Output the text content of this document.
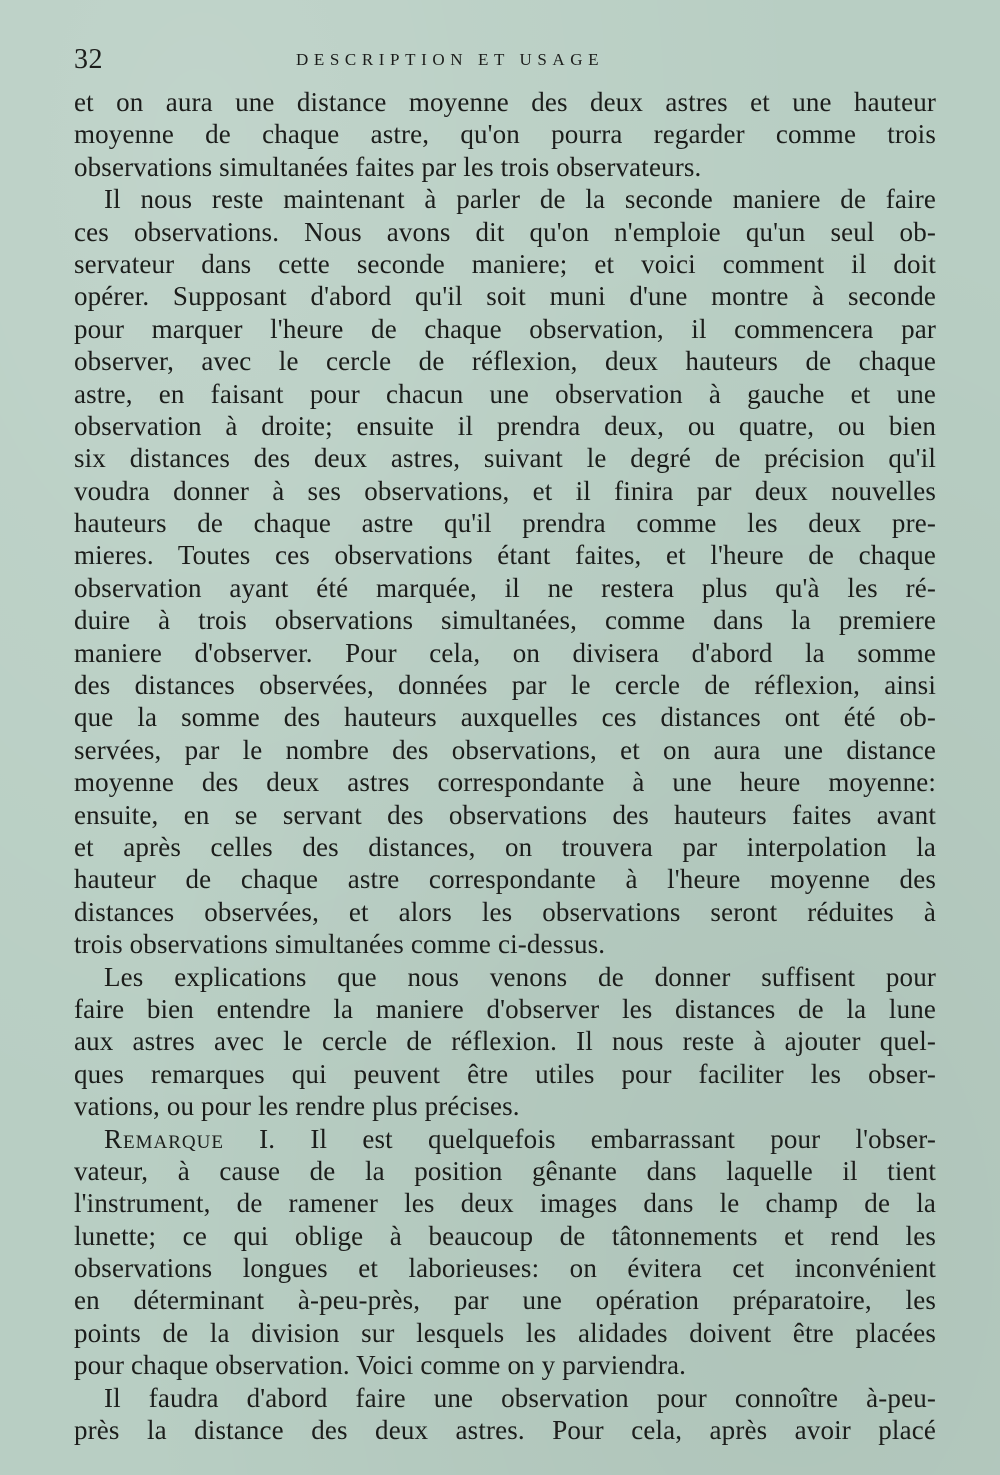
32	DESCRIPTION ET USAGE
et on aura une distance moyenne des deux astres et une hauteur
moyenne de chaque astre, qu'on pourra regarder comme trois
observations simultanées faites par les trois observateurs.
Il nous reste maintenant à parler de la seconde maniere de faire
ces observations. Nous avons dit qu'on n'emploie qu'un seul ob-
servateur dans cette seconde maniere; et voici comment il doit
opérer. Supposant d'abord qu'il soit muni d'une montre à seconde
pour marquer l'heure de chaque observation, il commencera par
observer, avec le cercle de réflexion, deux hauteurs de chaque
astre, en faisant pour chacun une observation à gauche et une
observation à droite; ensuite il prendra deux, ou quatre, ou bien
six distances des deux astres, suivant le degré de précision qu'il
voudra donner à ses observations, et il finira par deux nouvelles
hauteurs de chaque astre qu'il prendra comme les deux pre-
mieres. Toutes ces observations étant faites, et l'heure de chaque
observation ayant été marquée, il ne restera plus qu'à les ré-
duire à trois observations simultanées, comme dans la premiere
maniere d'observer. Pour cela, on divisera d'abord la somme
des distances observées, données par le cercle de réflexion, ainsi
que la somme des hauteurs auxquelles ces distances ont été ob-
servées, par le nombre des observations, et on aura une distance
moyenne des deux astres correspondante à une heure moyenne:
ensuite, en se servant des observations des hauteurs faites avant
et après celles des distances, on trouvera par interpolation la
hauteur de chaque astre correspondante à l'heure moyenne des
distances observées, et alors les observations seront réduites à
trois observations simultanées comme ci-dessus.
Les explications que nous venons de donner suffisent pour
faire bien entendre la maniere d'observer les distances de la lune
aux astres avec le cercle de réflexion. Il nous reste à ajouter quel-
ques remarques qui peuvent être utiles pour faciliter les obser-
vations, ou pour les rendre plus précises.
Remarque I. Il est quelquefois embarrassant pour l'obser-
vateur, à cause de la position gênante dans laquelle il tient
l'instrument, de ramener les deux images dans le champ de la
lunette; ce qui oblige à beaucoup de tâtonnements et rend les
observations longues et laborieuses: on évitera cet inconvénient
en déterminant à-peu-près, par une opération préparatoire, les
points de la division sur lesquels les alidades doivent être placées
pour chaque observation. Voici comme on y parviendra.
Il faudra d'abord faire une observation pour connoître à-peu-
près la distance des deux astres. Pour cela, après avoir placé
